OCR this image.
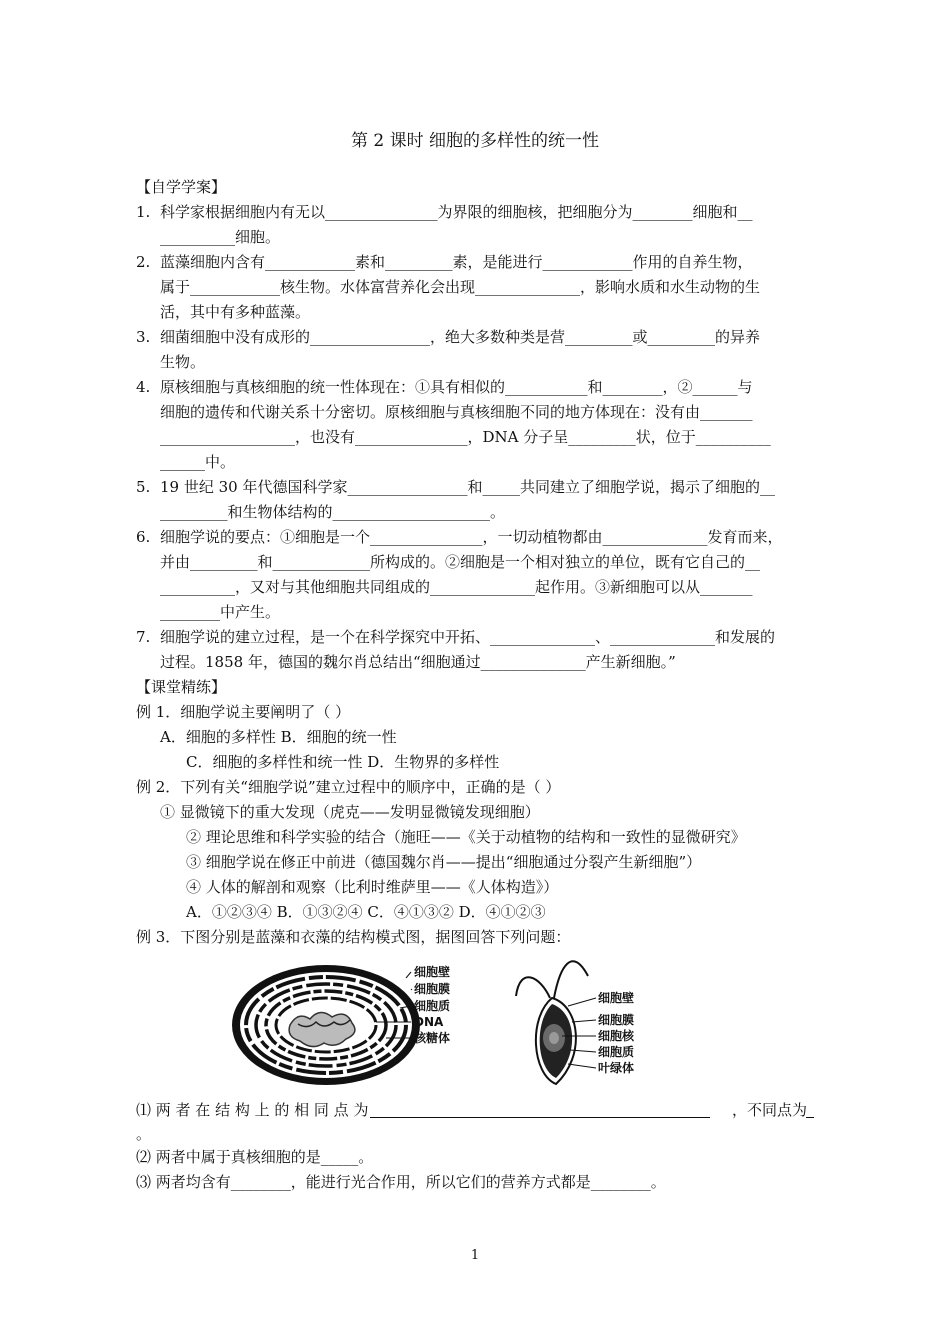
第 2 课时 细胞的多样性的统一性
【自学学案】
1. 科学家根据细胞内有无以_______________为界限的细胞核，把细胞分为________细胞和__
__________细胞。
2. 蓝藻细胞内含有____________素和_________素，是能进行____________作用的自养生物，
属于____________核生物。水体富营养化会出现______________，影响水质和水生动物的生
活，其中有多种蓝藻。
3. 细菌细胞中没有成形的________________，绝大多数种类是营_________或_________的异养
生物。
4. 原核细胞与真核细胞的统一性体现在：①具有相似的___________和________，②______与
细胞的遗传和代谢关系十分密切。原核细胞与真核细胞不同的地方体现在：没有由_______
__________________，也没有_______________，DNA 分子呈_________状，位于__________
______中。
5. 19 世纪 30 年代德国科学家________________和_____共同建立了细胞学说，揭示了细胞的__
_________和生物体结构的_____________________。
6. 细胞学说的要点：①细胞是一个_______________，一切动植物都由______________发育而来，
并由_________和_____________所构成的。②细胞是一个相对独立的单位，既有它自己的__
__________，又对与其他细胞共同组成的______________起作用。③新细胞可以从_______
________中产生。
7. 细胞学说的建立过程，是一个在科学探究中开拓、______________、______________和发展的
过程。1858 年，德国的魏尔肖总结出“细胞通过______________产生新细胞。”
【课堂精练】
例 1．细胞学说主要阐明了（ ）
A．细胞的多样性 B．细胞的统一性
C．细胞的多样性和统一性 D．生物界的多样性
例 2．下列有关“细胞学说”建立过程中的顺序中，正确的是（ ）
① 显微镜下的重大发现（虎克——发明显微镜发现细胞）
② 理论思维和科学实验的结合（施旺——《关于动植物的结构和一致性的显微研究》
③ 细胞学说在修正中前进（德国魏尔肖——提出“细胞通过分裂产生新细胞”）
④ 人体的解剖和观察（比利时维萨里——《人体构造》）
A．①②③④ B．①③②④ C．④①③② D．④①②③
例 3．下图分别是蓝藻和衣藻的结构模式图，据图回答下列问题：
细胞壁
细胞膜
细胞质
DNA
核糖体
细胞壁
细胞膜
细胞核
细胞质
叶绿体
⑴ 两 者 在 结 构 上 的 相 同 点 为	，不同点为
。
⑵ 两者中属于真核细胞的是_____。
⑶ 两者均含有________，能进行光合作用，所以它们的营养方式都是________。
1
